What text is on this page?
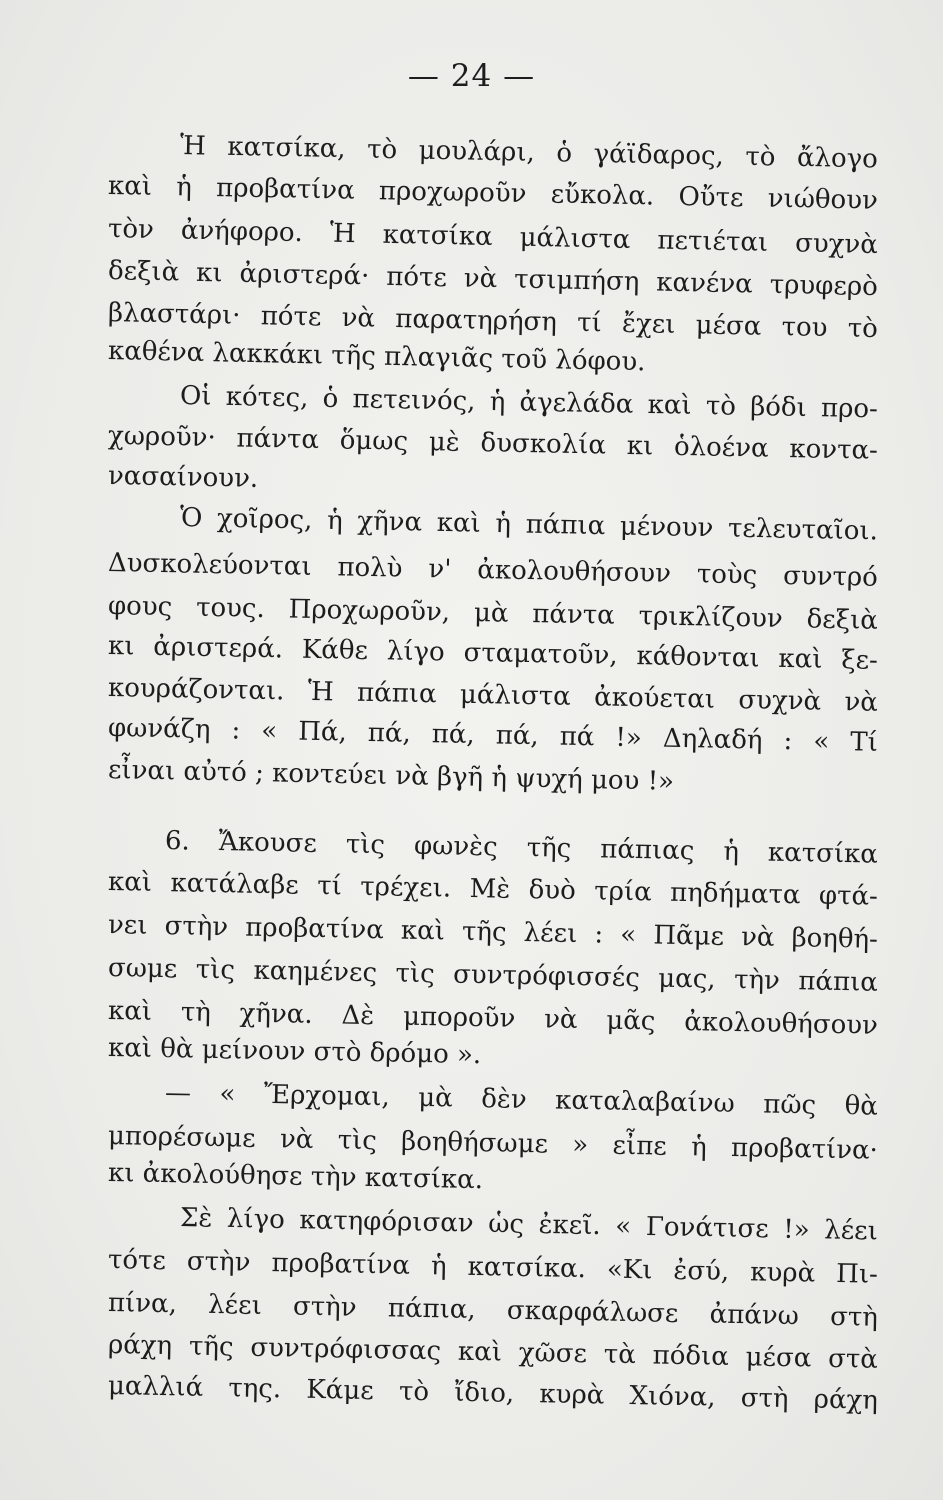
— 24 —
Ἡ κατσίκα, τὸ μουλάρι, ὁ γάϊδαρος, τὸ ἄλογο
καὶ ἡ προβατίνα προχωροῦν εὔκολα. Οὔτε νιώθουν
τὸν ἀνήφορο. Ἡ κατσίκα μάλιστα πετιέται συχνὰ
δεξιὰ κι ἀριστερά· πότε νὰ τσιμπήση κανένα τρυφερὸ
βλαστάρι· πότε νὰ παρατηρήση τί ἔχει μέσα του τὸ
καθένα λακκάκι τῆς πλαγιᾶς τοῦ λόφου.
Οἱ κότες, ὁ πετεινός, ἡ ἀγελάδα καὶ τὸ βόδι προ-
χωροῦν· πάντα ὅμως μὲ δυσκολία κι ὁλοένα κοντα-
νασαίνουν.
Ὁ χοῖρος, ἡ χῆνα καὶ ἡ πάπια μένουν τελευταῖοι.
Δυσκολεύονται πολὺ ν' ἀκολουθήσουν τοὺς συντρό
φους τους. Προχωροῦν, μὰ πάντα τρικλίζουν δεξιὰ
κι ἀριστερά. Κάθε λίγο σταματοῦν, κάθονται καὶ ξε-
κουράζονται. Ἡ πάπια μάλιστα ἀκούεται συχνὰ νὰ
φωνάζη : « Πά, πά, πά, πά, πά !» Δηλαδή : « Τί
εἶναι αὐτό ; κοντεύει νὰ βγῆ ἡ ψυχή μου !»
6. Ἄκουσε τὶς φωνὲς τῆς πάπιας ἡ κατσίκα
καὶ κατάλαβε τί τρέχει. Μὲ δυὸ τρία πηδήματα φτά-
νει στὴν προβατίνα καὶ τῆς λέει : « Πᾶμε νὰ βοηθή-
σωμε τὶς καημένες τὶς συντρόφισσές μας, τὴν πάπια
καὶ τὴ χῆνα. Δὲ μποροῦν νὰ μᾶς ἀκολουθήσουν
καὶ θὰ μείνουν στὸ δρόμο ».
— « Ἔρχομαι, μὰ δὲν καταλαβαίνω πῶς θὰ
μπορέσωμε νὰ τὶς βοηθήσωμε » εἶπε ἡ προβατίνα·
κι ἀκολούθησε τὴν κατσίκα.
Σὲ λίγο κατηφόρισαν ὡς ἐκεῖ. « Γονάτισε !» λέει
τότε στὴν προβατίνα ἡ κατσίκα. «Κι ἐσύ, κυρὰ Πι-
πίνα, λέει στὴν πάπια, σκαρφάλωσε ἀπάνω στὴ
ράχη τῆς συντρόφισσας καὶ χῶσε τὰ πόδια μέσα στὰ
μαλλιά της. Κάμε τὸ ἴδιο, κυρὰ Χιόνα, στὴ ράχη
